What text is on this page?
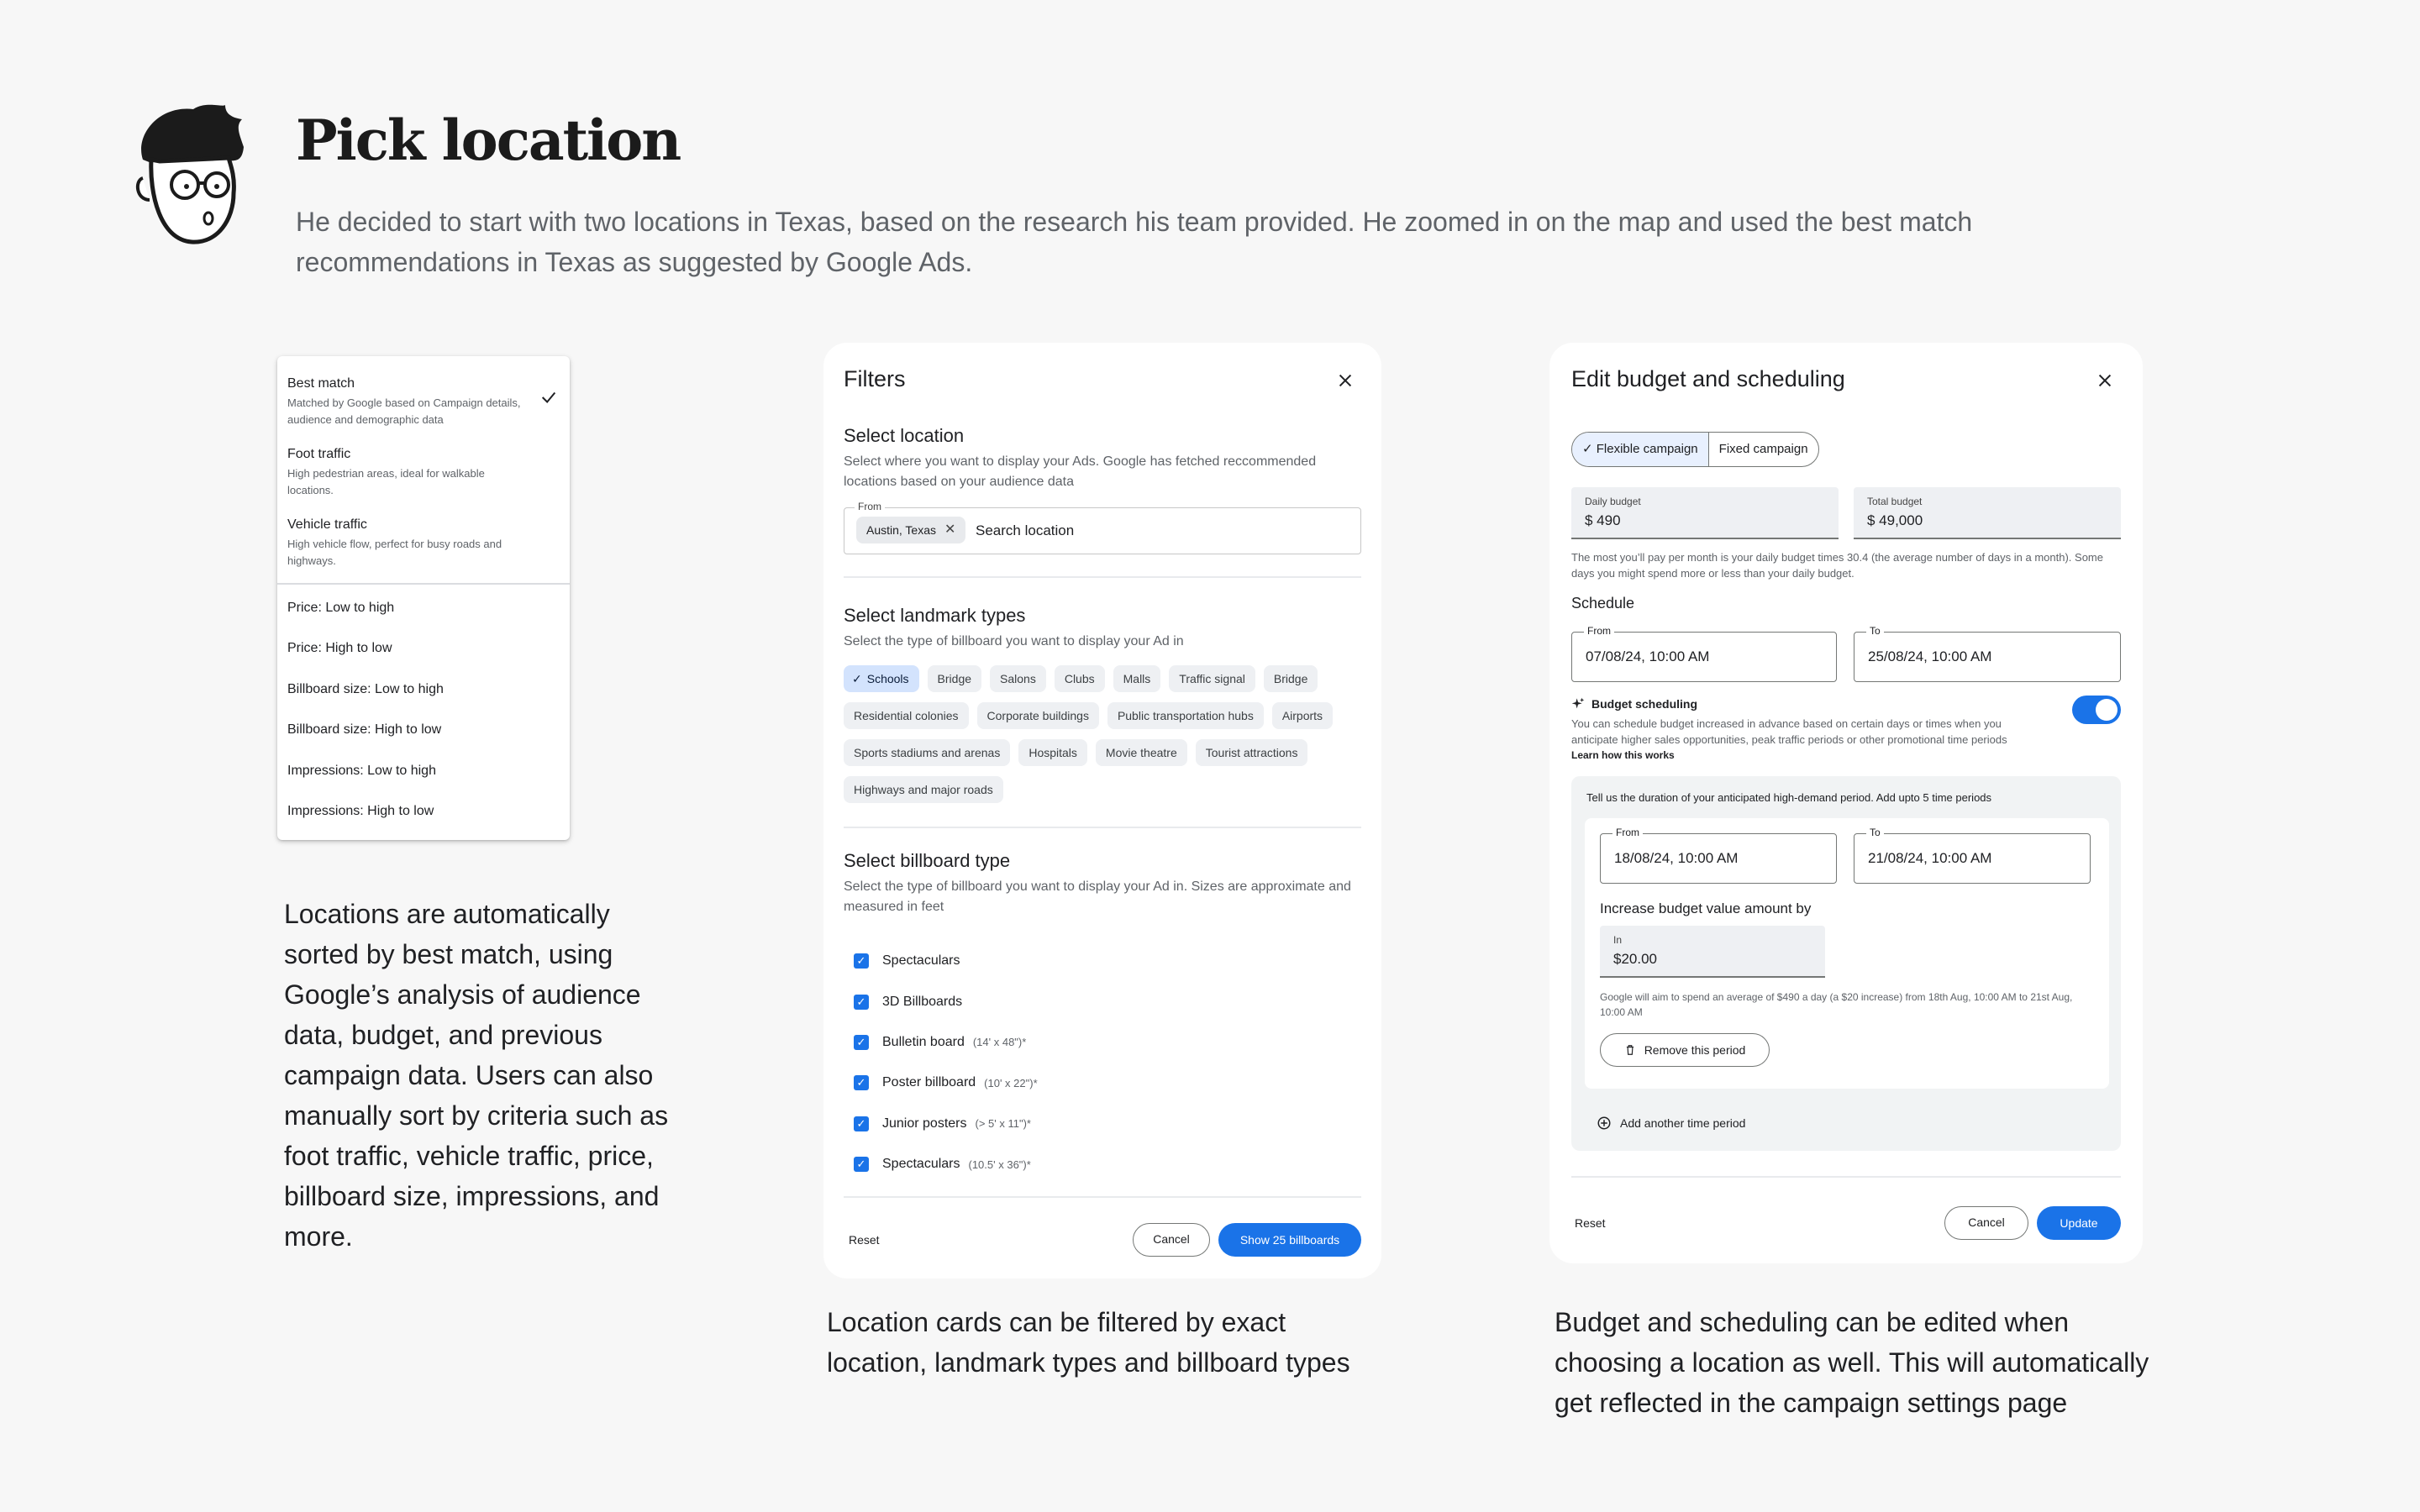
Pick location
He decided to start with two locations in Texas, based on the research his team provided. He zoomed in on the map and used the best match recommendations in Texas as suggested by Google Ads.
Best match
Matched by Google based on Campaign details, audience and demographic data
Foot traffic
High pedestrian areas, ideal for walkable locations.
Vehicle traffic
High vehicle flow, perfect for busy roads and highways.
Price: Low to high
Price: High to low
Billboard size: Low to high
Billboard size: High to low
Impressions: Low to high
Impressions: High to low
Locations are automatically sorted by best match, using Google’s analysis of audience data, budget, and previous campaign data. Users can also manually sort by criteria such as foot traffic, vehicle traffic, price, billboard size, impressions, and more.
Location cards can be filtered by exact location, landmark types and billboard types
Budget and scheduling can be edited when choosing a location as well. This will automatically get reflected in the campaign settings page
Filters
Select location
Select where you want to display your Ads. Google has fetched reccommended locations based on your audience data
From
Austin, Texas ✕ Search location
Select landmark types
Select the type of billboard you want to display your Ad in
✓ Schools	Bridge	Salons	Clubs	Malls	Traffic signal	Bridge
Residential colonies	Corporate buildings	Public transportation hubs	Airports
Sports stadiums and arenas	Hospitals	Movie theatre	Tourist attractions
Highways and major roads
Select billboard type
Select the type of billboard you want to display your Ad in. Sizes are approximate and measured in feet
✓ Spectaculars
✓ 3D Billboards
✓ Bulletin board (14' x 48")*
✓ Poster billboard (10' x 22")*
✓ Junior posters (> 5' x 11")*
✓ Spectaculars (10.5' x 36")*
Reset	Cancel	Show 25 billboards
Edit budget and scheduling
✓ Flexible campaign	Fixed campaign
Daily budget
$ 490
Total budget
$ 49,000
The most you’ll pay per month is your daily budget times 30.4 (the average number of days in a month). Some days you might spend more or less than your daily budget.
Schedule
From
07/08/24, 10:00 AM
To
25/08/24, 10:00 AM
Budget scheduling
You can schedule budget increased in advance based on certain days or times when you anticipate higher sales opportunities, peak traffic periods or other promotional time periods
Learn how this works
Tell us the duration of your anticipated high-demand period. Add upto 5 time periods
From
18/08/24, 10:00 AM
To
21/08/24, 10:00 AM
Increase budget value amount by
In
$20.00
Google will aim to spend an average of $490 a day (a $20 increase) from 18th Aug, 10:00 AM to 21st Aug, 10:00 AM
Remove this period
Add another time period
Reset	Cancel	Update
